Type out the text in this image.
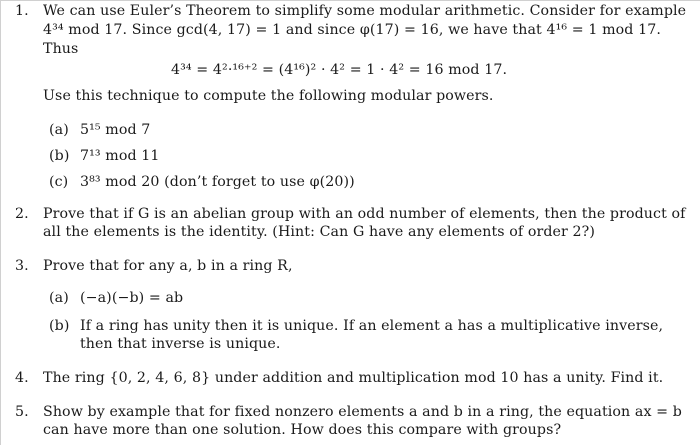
1. We can use Euler’s Theorem to simplify some modular arithmetic. Consider for example
4³⁴ mod 17. Since gcd(4, 17) = 1 and since φ(17) = 16, we have that 4¹⁶ = 1 mod 17.
Thus
4³⁴ = 4²·¹⁶⁺² = (4¹⁶)² · 4² = 1 · 4² = 16 mod 17.
Use this technique to compute the following modular powers.
(a) 5¹⁵ mod 7
(b) 7¹³ mod 11
(c) 3⁸³ mod 20 (don’t forget to use φ(20))
2. Prove that if G is an abelian group with an odd number of elements, then the product of
all the elements is the identity. (Hint: Can G have any elements of order 2?)
3. Prove that for any a, b in a ring R,
(a) (−a)(−b) = ab
(b) If a ring has unity then it is unique. If an element a has a multiplicative inverse,
then that inverse is unique.
4. The ring {0, 2, 4, 6, 8} under addition and multiplication mod 10 has a unity. Find it.
5. Show by example that for fixed nonzero elements a and b in a ring, the equation ax = b
can have more than one solution. How does this compare with groups?
